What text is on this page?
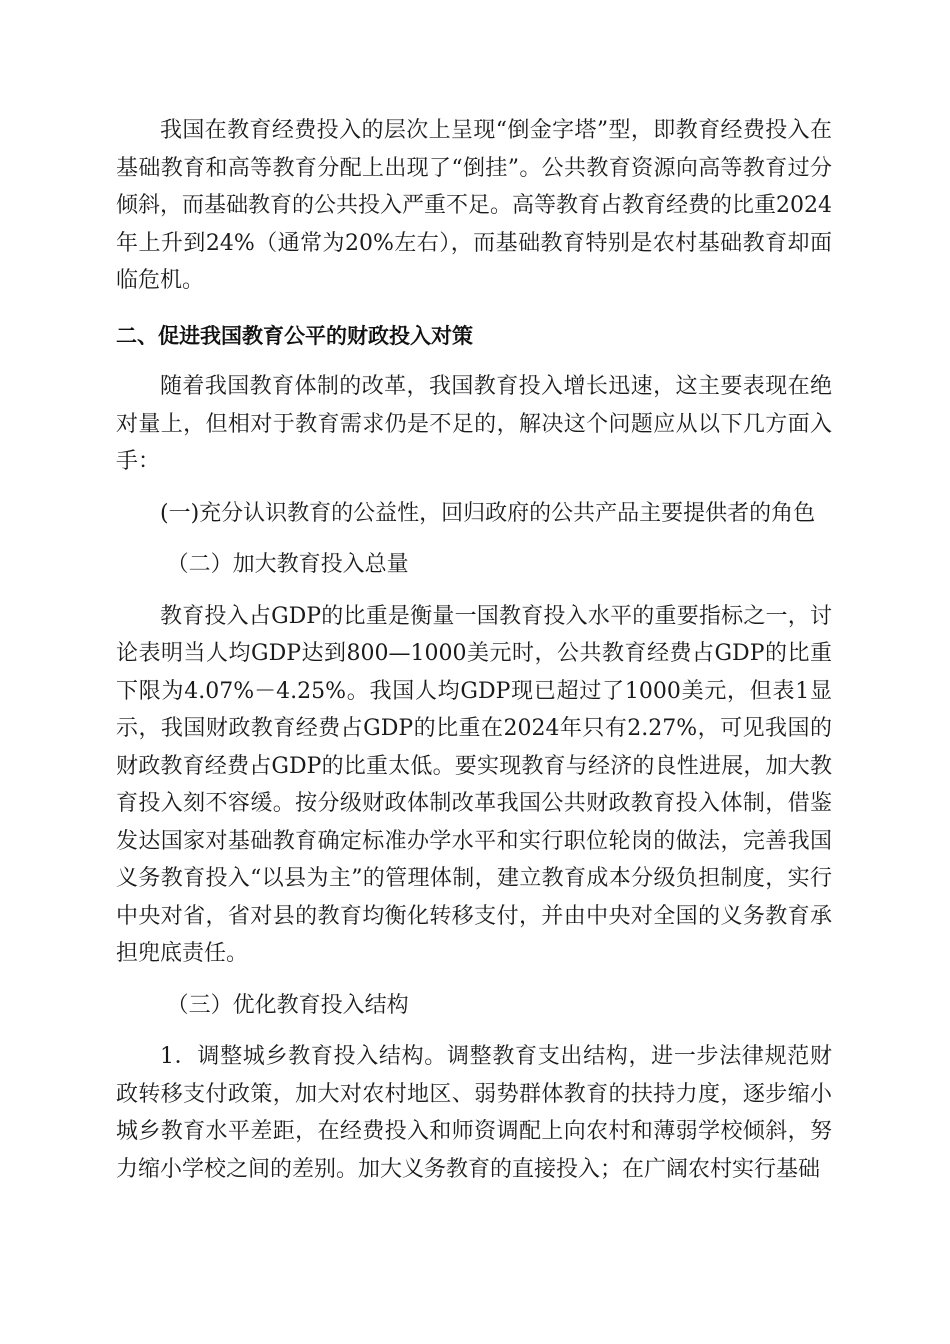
我国在教育经费投入的层次上呈现“倒金字塔”型，即教育经费投入在基础教育和高等教育分配上出现了“倒挂”。公共教育资源向高等教育过分倾斜，而基础教育的公共投入严重不足。高等教育占教育经费的比重2024年上升到24%（通常为20%左右），而基础教育特别是农村基础教育却面临危机。

二、促进我国教育公平的财政投入对策

随着我国教育体制的改革，我国教育投入增长迅速，这主要表现在绝对量上，但相对于教育需求仍是不足的，解决这个问题应从以下几方面入手：

(一)充分认识教育的公益性，回归政府的公共产品主要提供者的角色

（二）加大教育投入总量

教育投入占GDP的比重是衡量一国教育投入水平的重要指标之一，讨论表明当人均GDP达到800—1000美元时，公共教育经费占GDP的比重下限为4.07%－4.25%。我国人均GDP现已超过了1000美元，但表1显示，我国财政教育经费占GDP的比重在2024年只有2.27%，可见我国的财政教育经费占GDP的比重太低。要实现教育与经济的良性进展，加大教育投入刻不容缓。按分级财政体制改革我国公共财政教育投入体制，借鉴发达国家对基础教育确定标准办学水平和实行职位轮岗的做法，完善我国义务教育投入“以县为主”的管理体制，建立教育成本分级负担制度，实行中央对省，省对县的教育均衡化转移支付，并由中央对全国的义务教育承担兜底责任。

（三）优化教育投入结构

1．调整城乡教育投入结构。调整教育支出结构，进一步法律规范财政转移支付政策，加大对农村地区、弱势群体教育的扶持力度，逐步缩小城乡教育水平差距，在经费投入和师资调配上向农村和薄弱学校倾斜，努力缩小学校之间的差别。加大义务教育的直接投入；在广阔农村实行基础
